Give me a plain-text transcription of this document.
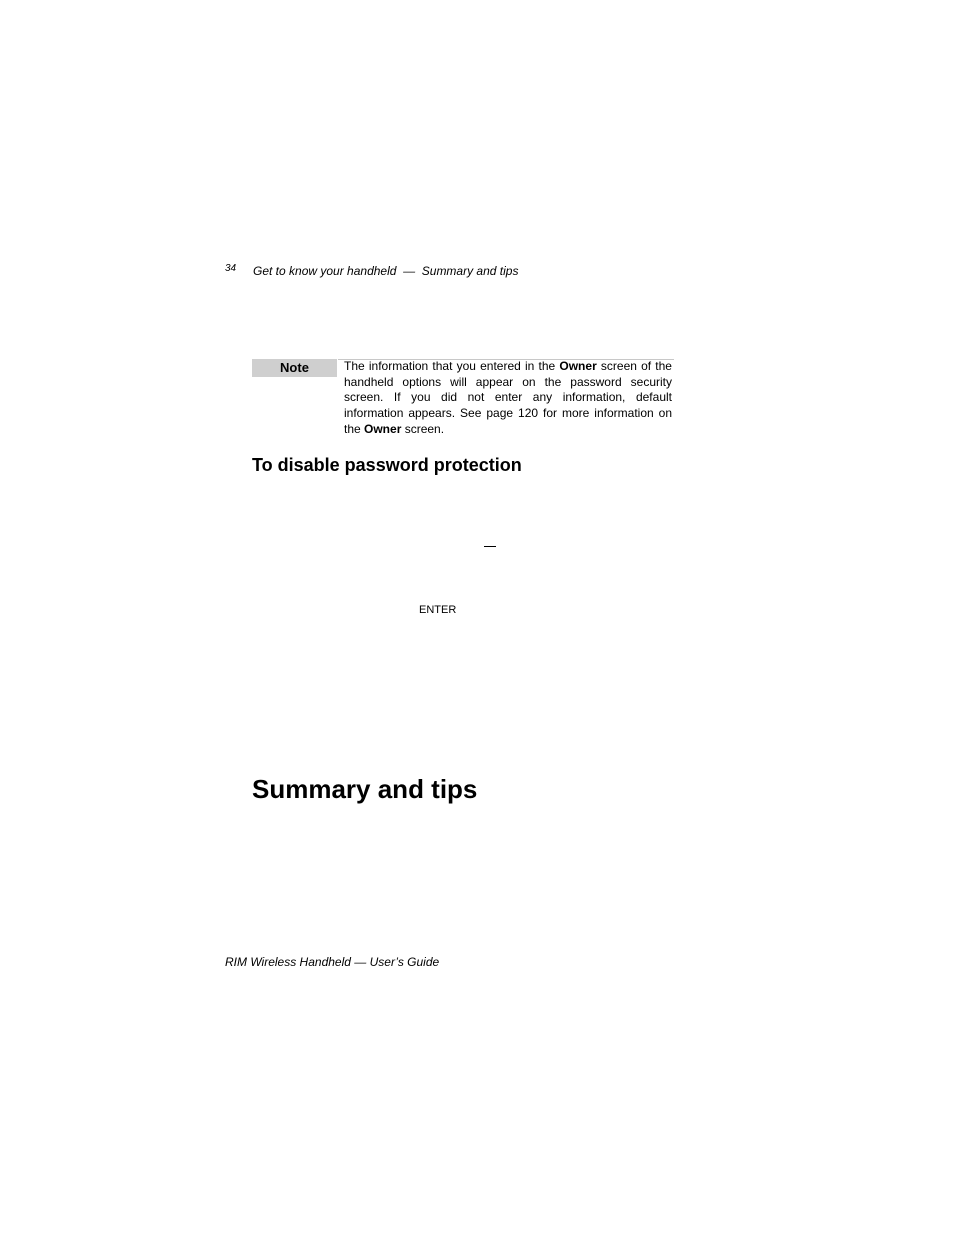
34 Get to know your handheld  —  Summary and tips
Note	The information that you entered in the Owner screen of the handheld options will appear on the password security screen. If you did not enter any information, default information appears. See page 120 for more information on the Owner screen.
To disable password protection
ENTER
Summary and tips
RIM Wireless Handheld — User’s Guide
